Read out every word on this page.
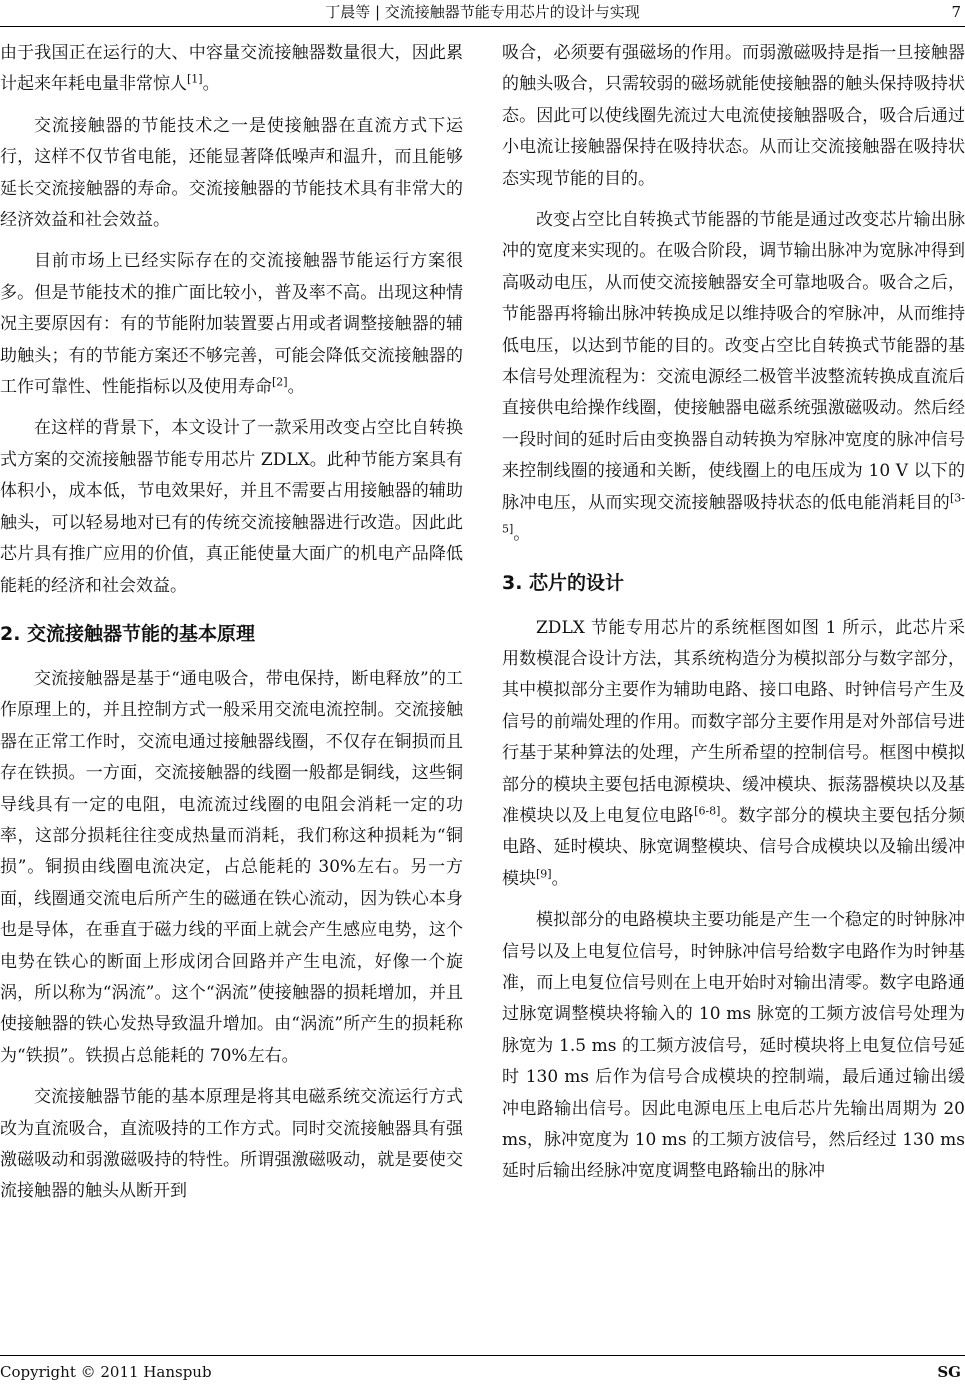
丁晨等 | 交流接触器节能专用芯片的设计与实现	7

由于我国正在运行的大、中容量交流接触器数量很大，因此累计起来年耗电量非常惊人[1]。

交流接触器的节能技术之一是使接触器在直流方式下运行，这样不仅节省电能，还能显著降低噪声和温升，而且能够延长交流接触器的寿命。交流接触器的节能技术具有非常大的经济效益和社会效益。

目前市场上已经实际存在的交流接触器节能运行方案很多。但是节能技术的推广面比较小，普及率不高。出现这种情况主要原因有：有的节能附加装置要占用或者调整接触器的辅助触头；有的节能方案还不够完善，可能会降低交流接触器的工作可靠性、性能指标以及使用寿命[2]。

在这样的背景下，本文设计了一款采用改变占空比自转换式方案的交流接触器节能专用芯片 ZDLX。此种节能方案具有体积小，成本低，节电效果好，并且不需要占用接触器的辅助触头，可以轻易地对已有的传统交流接触器进行改造。因此此芯片具有推广应用的价值，真正能使量大面广的机电产品降低能耗的经济和社会效益。

2. 交流接触器节能的基本原理

交流接触器是基于“通电吸合，带电保持，断电释放”的工作原理上的，并且控制方式一般采用交流电流控制。交流接触器在正常工作时，交流电通过接触器线圈，不仅存在铜损而且存在铁损。一方面，交流接触器的线圈一般都是铜线，这些铜导线具有一定的电阻，电流流过线圈的电阻会消耗一定的功率，这部分损耗往往变成热量而消耗，我们称这种损耗为“铜损”。铜损由线圈电流决定，占总能耗的 30%左右。另一方面，线圈通交流电后所产生的磁通在铁心流动，因为铁心本身也是导体，在垂直于磁力线的平面上就会产生感应电势，这个电势在铁心的断面上形成闭合回路并产生电流，好像一个旋涡，所以称为“涡流”。这个“涡流”使接触器的损耗增加，并且使接触器的铁心发热导致温升增加。由“涡流”所产生的损耗称为“铁损”。铁损占总能耗的 70%左右。

交流接触器节能的基本原理是将其电磁系统交流运行方式改为直流吸合，直流吸持的工作方式。同时交流接触器具有强激磁吸动和弱激磁吸持的特性。所谓强激磁吸动，就是要使交流接触器的触头从断开到

吸合，必须要有强磁场的作用。而弱激磁吸持是指一旦接触器的触头吸合，只需较弱的磁场就能使接触器的触头保持吸持状态。因此可以使线圈先流过大电流使接触器吸合，吸合后通过小电流让接触器保持在吸持状态。从而让交流接触器在吸持状态实现节能的目的。

改变占空比自转换式节能器的节能是通过改变芯片输出脉冲的宽度来实现的。在吸合阶段，调节输出脉冲为宽脉冲得到高吸动电压，从而使交流接触器安全可靠地吸合。吸合之后，节能器再将输出脉冲转换成足以维持吸合的窄脉冲，从而维持低电压，以达到节能的目的。改变占空比自转换式节能器的基本信号处理流程为：交流电源经二极管半波整流转换成直流后直接供电给操作线圈，使接触器电磁系统强激磁吸动。然后经一段时间的延时后由变换器自动转换为窄脉冲宽度的脉冲信号来控制线圈的接通和关断，使线圈上的电压成为 10 V 以下的脉冲电压，从而实现交流接触器吸持状态的低电能消耗目的[3-5]。

3. 芯片的设计

ZDLX 节能专用芯片的系统框图如图 1 所示，此芯片采用数模混合设计方法，其系统构造分为模拟部分与数字部分，其中模拟部分主要作为辅助电路、接口电路、时钟信号产生及信号的前端处理的作用。而数字部分主要作用是对外部信号进行基于某种算法的处理，产生所希望的控制信号。框图中模拟部分的模块主要包括电源模块、缓冲模块、振荡器模块以及基准模块以及上电复位电路[6-8]。数字部分的模块主要包括分频电路、延时模块、脉宽调整模块、信号合成模块以及输出缓冲模块[9]。

模拟部分的电路模块主要功能是产生一个稳定的时钟脉冲信号以及上电复位信号，时钟脉冲信号给数字电路作为时钟基准，而上电复位信号则在上电开始时对输出清零。数字电路通过脉宽调整模块将输入的 10 ms 脉宽的工频方波信号处理为脉宽为 1.5 ms 的工频方波信号，延时模块将上电复位信号延时 130 ms 后作为信号合成模块的控制端，最后通过输出缓冲电路输出信号。因此电源电压上电后芯片先输出周期为 20 ms，脉冲宽度为 10 ms 的工频方波信号，然后经过 130 ms 延时后输出经脉冲宽度调整电路输出的脉冲

Copyright © 2011 Hanspub	SG
